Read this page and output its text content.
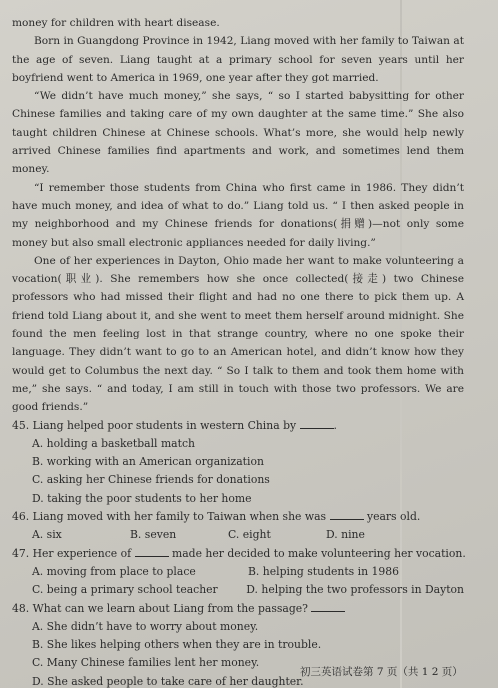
money for children with heart disease.

Born in Guangdong Province in 1942, Liang moved with her family to Taiwan at the age of seven. Liang taught at a primary school for seven years until her boyfriend went to America in 1969, one year after they got married.

“We didn’t have much money,” she says, “ so I started babysitting for other Chinese families and taking care of my own daughter at the same time.” She also taught children Chinese at Chinese schools. What’s more, she would help newly arrived Chinese families find apartments and work, and sometimes lend them money.

“I remember those students from China who first came in 1986. They didn’t have much money, and idea of what to do.” Liang told us. “ I then asked people in my neighborhood and my Chinese friends for donations(捐赠)—not only some money but also small electronic appliances needed for daily living.”

One of her experiences in Dayton, Ohio made her want to make volunteering a vocation(职业). She remembers how she once collected(接走) two Chinese professors who had missed their flight and had no one there to pick them up. A friend told Liang about it, and she went to meet them herself around midnight. She found the men feeling lost in that strange country, where no one spoke their language. They didn’t want to go to an American hotel, and didn’t know how they would get to Columbus the next day. “ So I talk to them and took them home with me,” she says. “ and today, I am still in touch with those two professors. We are good friends.”

45. Liang helped poor students in western China by	.

A. holding a basketball match

B. working with an American organization

C. asking her Chinese friends for donations

D. taking the poor students to her home

46. Liang moved with her family to Taiwan when she was	years old.

A. six	B. seven	C. eight	D. nine

47. Her experience of	made her decided to make volunteering her vocation.

A. moving from place to place	B. helping students in 1986
C. being a primary school teacher	D. helping the two professors in Dayton

48. What can we learn about Liang from the passage?

A. She didn’t have to worry about money.

B. She likes helping others when they are in trouble.

C. Many Chinese families lent her money.

D. She asked people to take care of her daughter.

初三英语试卷第 7 页（共 1 2 页）
